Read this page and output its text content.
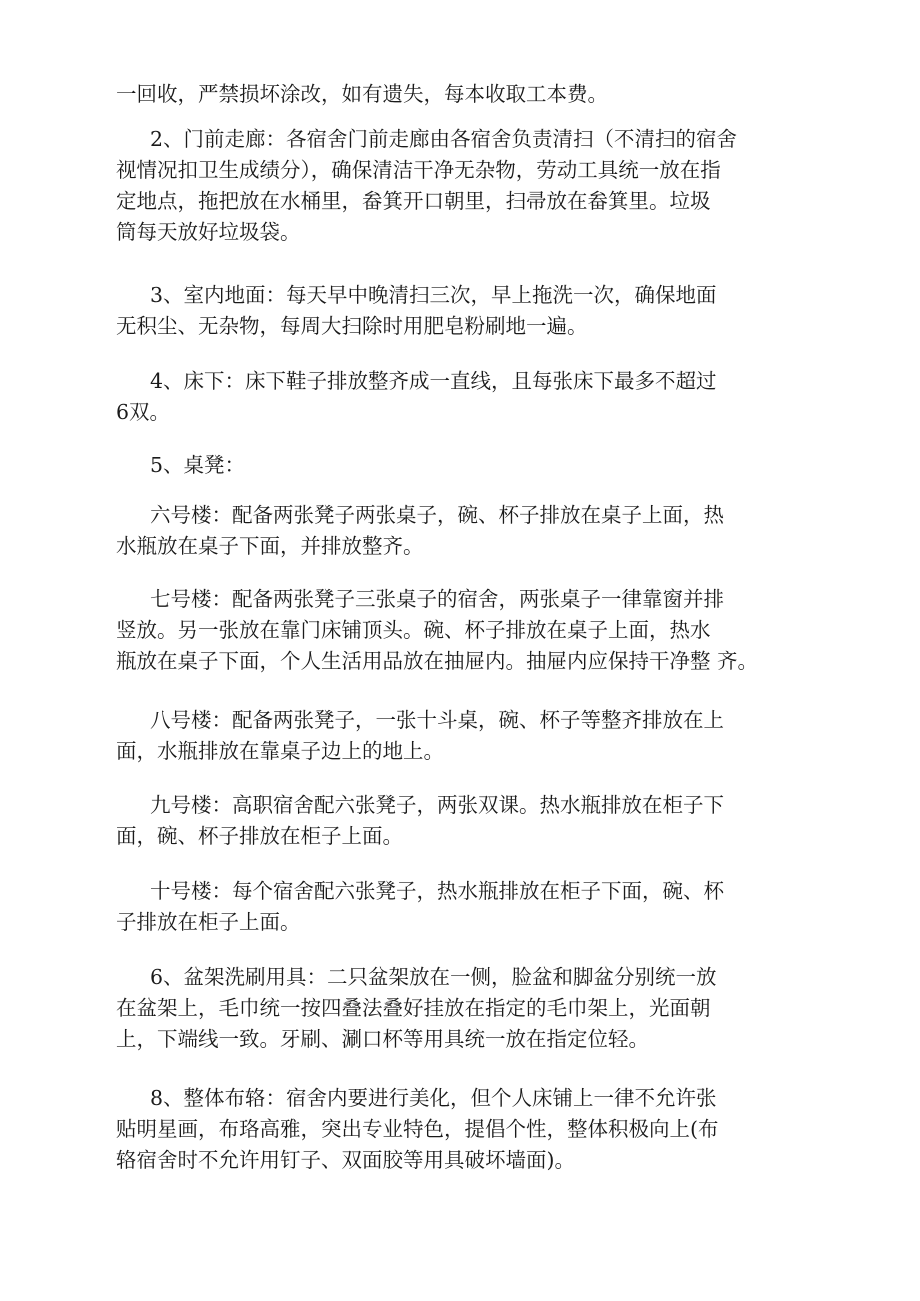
一回收，严禁损坏涂改，如有遗失，每本收取工本费。
2、门前走廊：各宿舍门前走廊由各宿舍负责清扫（不清扫的宿舍
视情况扣卫生成绩分），确保清洁干净无杂物，劳动工具统一放在指
定地点，拖把放在水桶里，畚箕开口朝里，扫帚放在畚箕里。垃圾
筒每天放好垃圾袋。
3、室内地面：每天早中晚清扫三次，早上拖洗一次，确保地面
无积尘、无杂物，每周大扫除时用肥皂粉刷地一遍。
4、床下：床下鞋子排放整齐成一直线，且每张床下最多不超过
6双。
5、桌凳：
六号楼：配备两张凳子两张桌子，碗、杯子排放在桌子上面，热
水瓶放在桌子下面，并排放整齐。
七号楼：配备两张凳子三张桌子的宿舍，两张桌子一律靠窗并排
竖放。另一张放在靠门床铺顶头。碗、杯子排放在桌子上面，热水
瓶放在桌子下面，个人生活用品放在抽屉内。抽屉内应保持干净整 齐。
八号楼：配备两张凳子，一张十斗桌，碗、杯子等整齐排放在上
面，水瓶排放在靠桌子边上的地上。
九号楼：高职宿舍配六张凳子，两张双课。热水瓶排放在柜子下
面，碗、杯子排放在柜子上面。
十号楼：每个宿舍配六张凳子，热水瓶排放在柜子下面，碗、杯
子排放在柜子上面。
6、盆架洗刷用具：二只盆架放在一侧，脸盆和脚盆分别统一放
在盆架上，毛巾统一按四叠法叠好挂放在指定的毛巾架上，光面朝
上，下端线一致。牙刷、涮口杯等用具统一放在指定位轻。
8、整体布辂：宿舍内要进行美化，但个人床铺上一律不允许张
贴明星画，布珞高雅，突出专业特色，提倡个性，整体积极向上(布
辂宿舍时不允许用钉子、双面胶等用具破坏墙面)。
